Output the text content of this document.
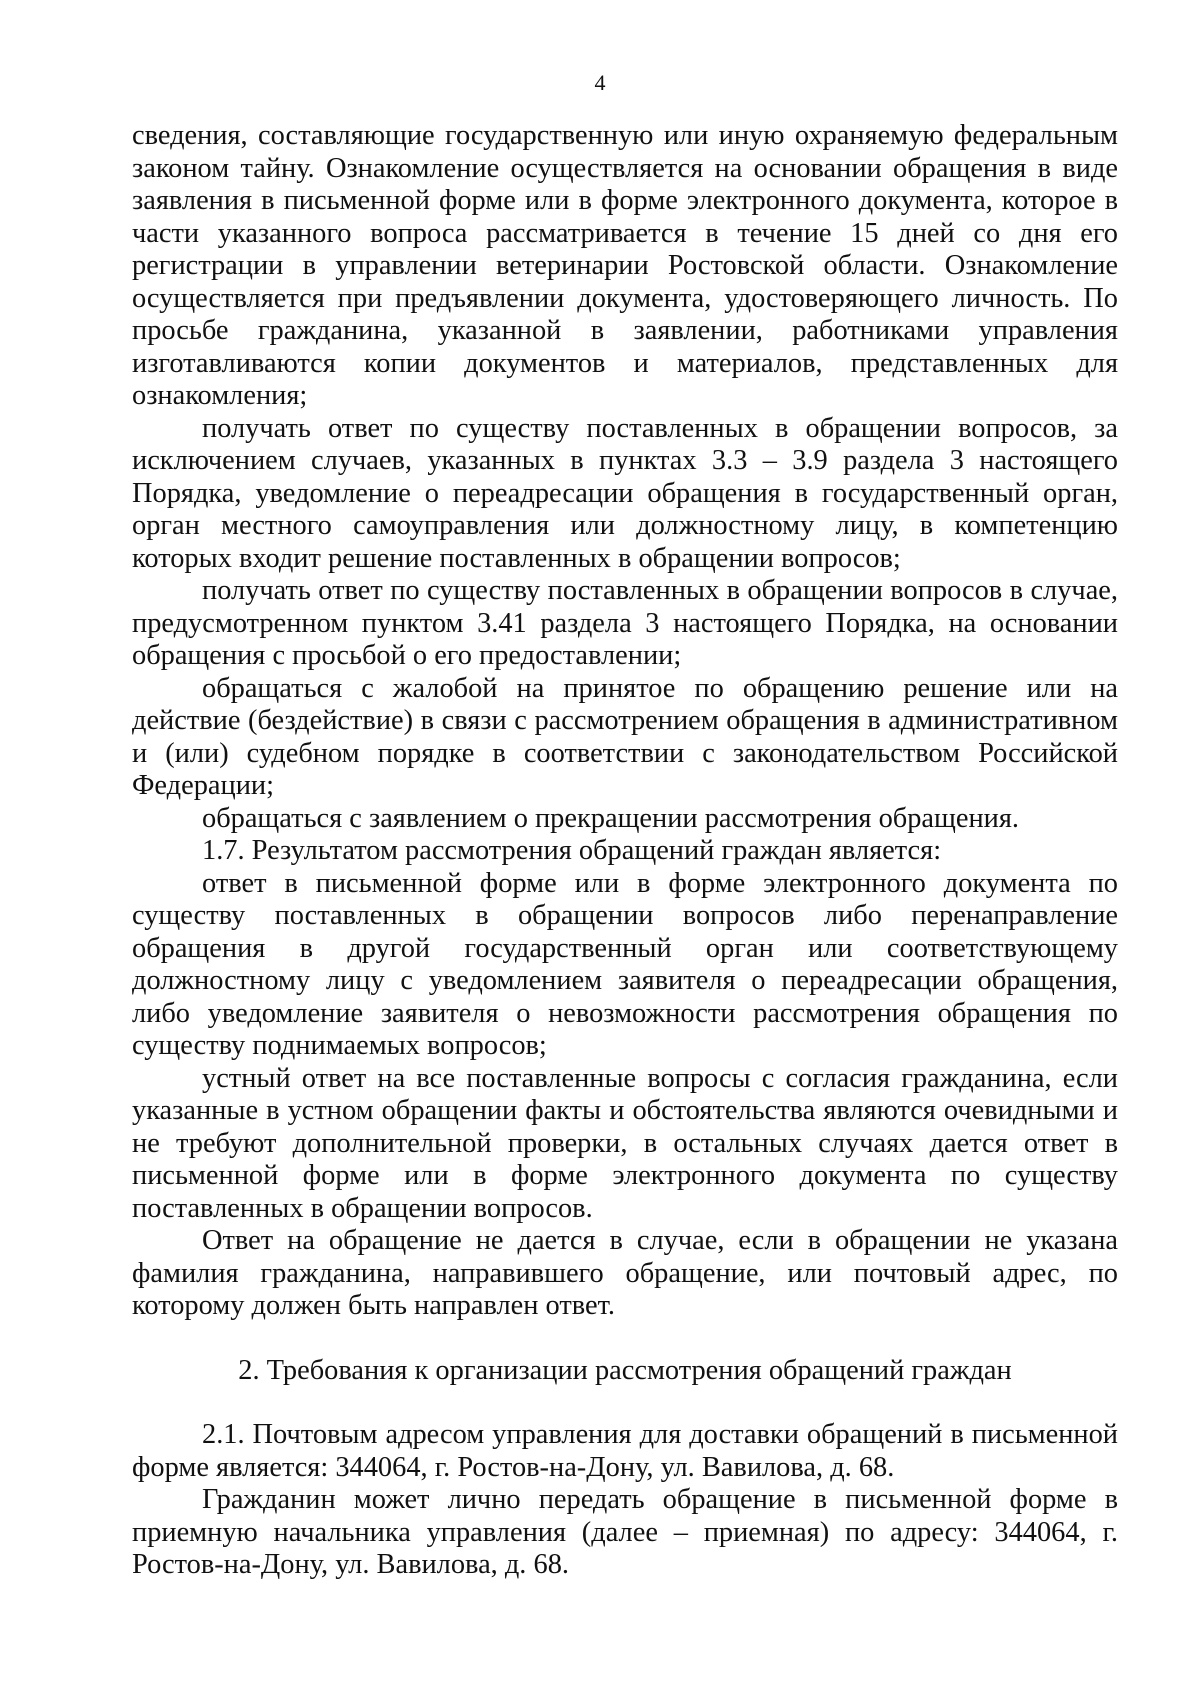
4

сведения, составляющие государственную или иную охраняемую федеральным законом тайну. Ознакомление осуществляется на основании обращения в виде заявления в письменной форме или в форме электронного документа, которое в части указанного вопроса рассматривается в течение 15 дней со дня его регистрации в управлении ветеринарии Ростовской области. Ознакомление осуществляется при предъявлении документа, удостоверяющего личность. По просьбе гражданина, указанной в заявлении, работниками управления изготавливаются копии документов и материалов, представленных для ознакомления;

получать ответ по существу поставленных в обращении вопросов, за исключением случаев, указанных в пунктах 3.3 – 3.9 раздела 3 настоящего Порядка, уведомление о переадресации обращения в государственный орган, орган местного самоуправления или должностному лицу, в компетенцию которых входит решение поставленных в обращении вопросов;

получать ответ по существу поставленных в обращении вопросов в случае, предусмотренном пунктом 3.41 раздела 3 настоящего Порядка, на основании обращения с просьбой о его предоставлении;

обращаться с жалобой на принятое по обращению решение или на действие (бездействие) в связи с рассмотрением обращения в административном и (или) судебном порядке в соответствии с законодательством Российской Федерации;

обращаться с заявлением о прекращении рассмотрения обращения.

1.7. Результатом рассмотрения обращений граждан является:

ответ в письменной форме или в форме электронного документа по существу поставленных в обращении вопросов либо перенаправление обращения в другой государственный орган или соответствующему должностному лицу с уведомлением заявителя о переадресации обращения, либо уведомление заявителя о невозможности рассмотрения обращения по существу поднимаемых вопросов;

устный ответ на все поставленные вопросы с согласия гражданина, если указанные в устном обращении факты и обстоятельства являются очевидными и не требуют дополнительной проверки, в остальных случаях дается ответ в письменной форме или в форме электронного документа по существу поставленных в обращении вопросов.

Ответ на обращение не дается в случае, если в обращении не указана фамилия гражданина, направившего обращение, или почтовый адрес, по которому должен быть направлен ответ.

2. Требования к организации рассмотрения обращений граждан

2.1. Почтовым адресом управления для доставки обращений в письменной форме является: 344064, г. Ростов-на-Дону, ул. Вавилова, д. 68.

Гражданин может лично передать обращение в письменной форме в приемную начальника управления (далее – приемная) по адресу: 344064, г. Ростов-на-Дону, ул. Вавилова, д. 68.
